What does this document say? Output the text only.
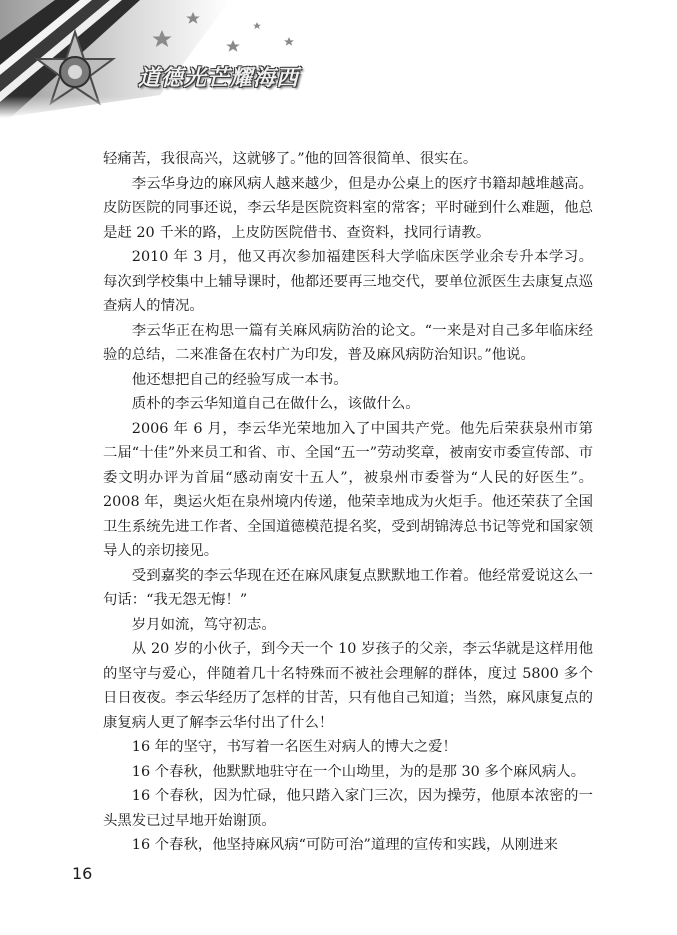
道德光芒耀海西

轻痛苦，我很高兴，这就够了。”他的回答很简单、很实在。

李云华身边的麻风病人越来越少，但是办公桌上的医疗书籍却越堆越高。皮防医院的同事还说，李云华是医院资料室的常客；平时碰到什么难题，他总是赶 20 千米的路，上皮防医院借书、查资料，找同行请教。

2010 年 3 月，他又再次参加福建医科大学临床医学业余专升本学习。每次到学校集中上辅导课时，他都还要再三地交代，要单位派医生去康复点巡查病人的情况。

李云华正在构思一篇有关麻风病防治的论文。“一来是对自己多年临床经验的总结，二来准备在农村广为印发，普及麻风病防治知识。”他说。

他还想把自己的经验写成一本书。

质朴的李云华知道自己在做什么，该做什么。

2006 年 6 月，李云华光荣地加入了中国共产党。他先后荣获泉州市第二届“十佳”外来员工和省、市、全国“五一”劳动奖章，被南安市委宣传部、市委文明办评为首届“感动南安十五人”，被泉州市委誉为“人民的好医生”。2008 年，奥运火炬在泉州境内传递，他荣幸地成为火炬手。他还荣获了全国卫生系统先进工作者、全国道德模范提名奖，受到胡锦涛总书记等党和国家领导人的亲切接见。

受到嘉奖的李云华现在还在麻风康复点默默地工作着。他经常爱说这么一句话：“我无怨无悔！”

岁月如流，笃守初志。

从 20 岁的小伙子，到今天一个 10 岁孩子的父亲，李云华就是这样用他的坚守与爱心，伴随着几十名特殊而不被社会理解的群体，度过 5800 多个日日夜夜。李云华经历了怎样的甘苦，只有他自己知道；当然，麻风康复点的康复病人更了解李云华付出了什么！

16 年的坚守，书写着一名医生对病人的博大之爱！

16 个春秋，他默默地驻守在一个山坳里，为的是那 30 多个麻风病人。

16 个春秋，因为忙碌，他只踏入家门三次，因为操劳，他原本浓密的一头黑发已过早地开始谢顶。

16 个春秋，他坚持麻风病“可防可治”道理的宣传和实践，从刚进来

16
